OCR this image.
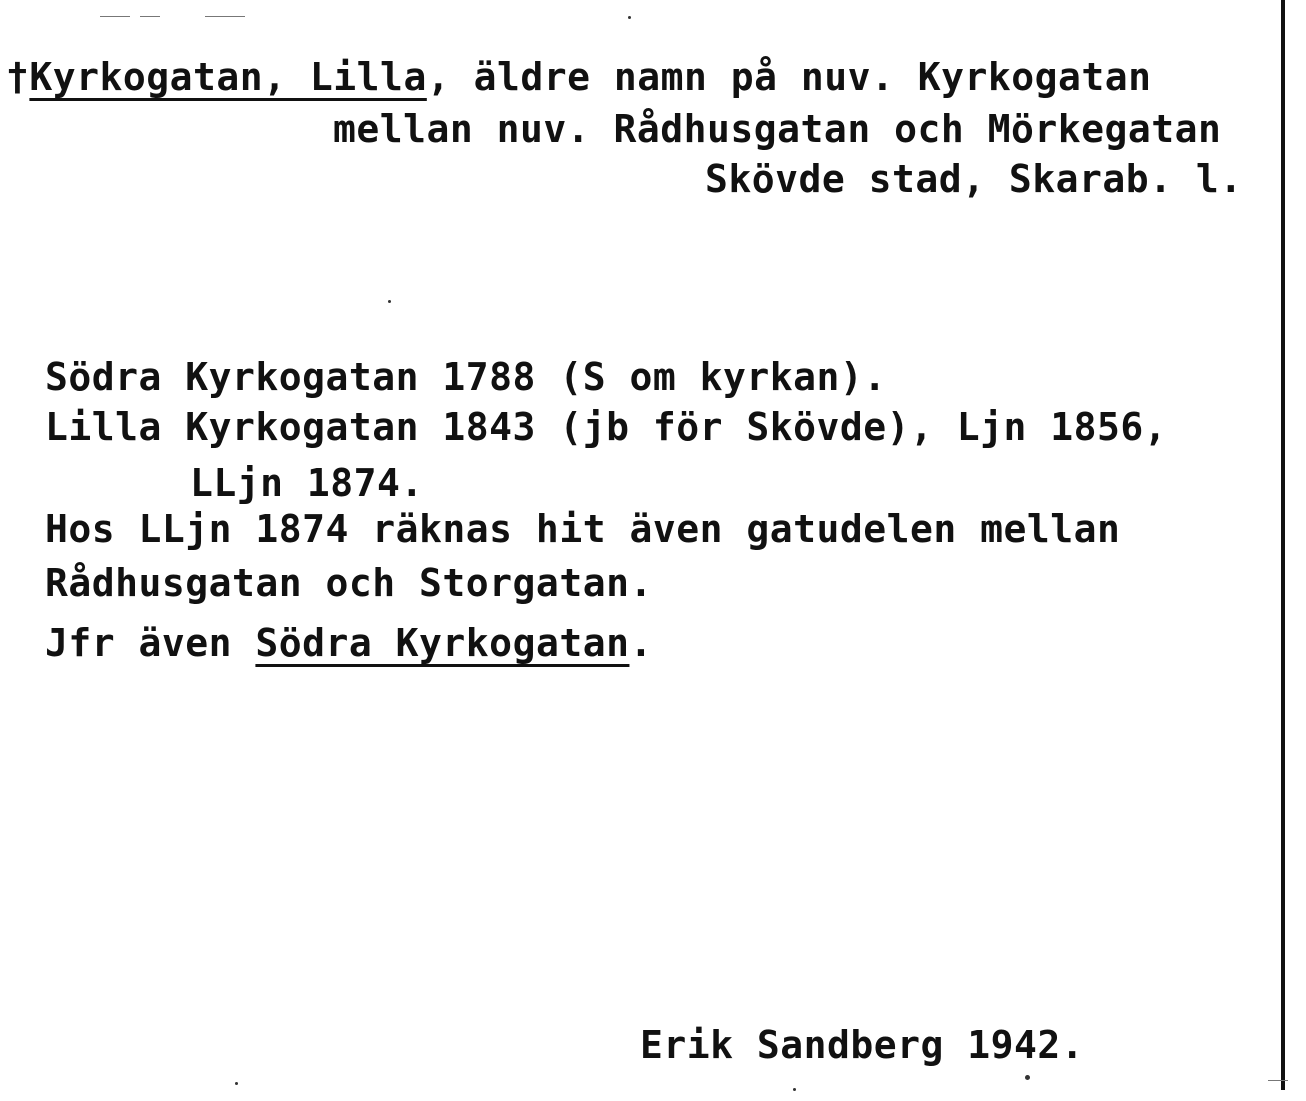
†Kyrkogatan, Lilla, äldre namn på nuv. Kyrkogatan
mellan nuv. Rådhusgatan och Mörkegatan
Skövde stad, Skarab. l.
Södra Kyrkogatan 1788 (S om kyrkan).
Lilla Kyrkogatan 1843 (jb för Skövde), Ljn 1856,
LLjn 1874.
Hos LLjn 1874 räknas hit även gatudelen mellan
Rådhusgatan och Storgatan.
Jfr även Södra Kyrkogatan.
Erik Sandberg 1942.
